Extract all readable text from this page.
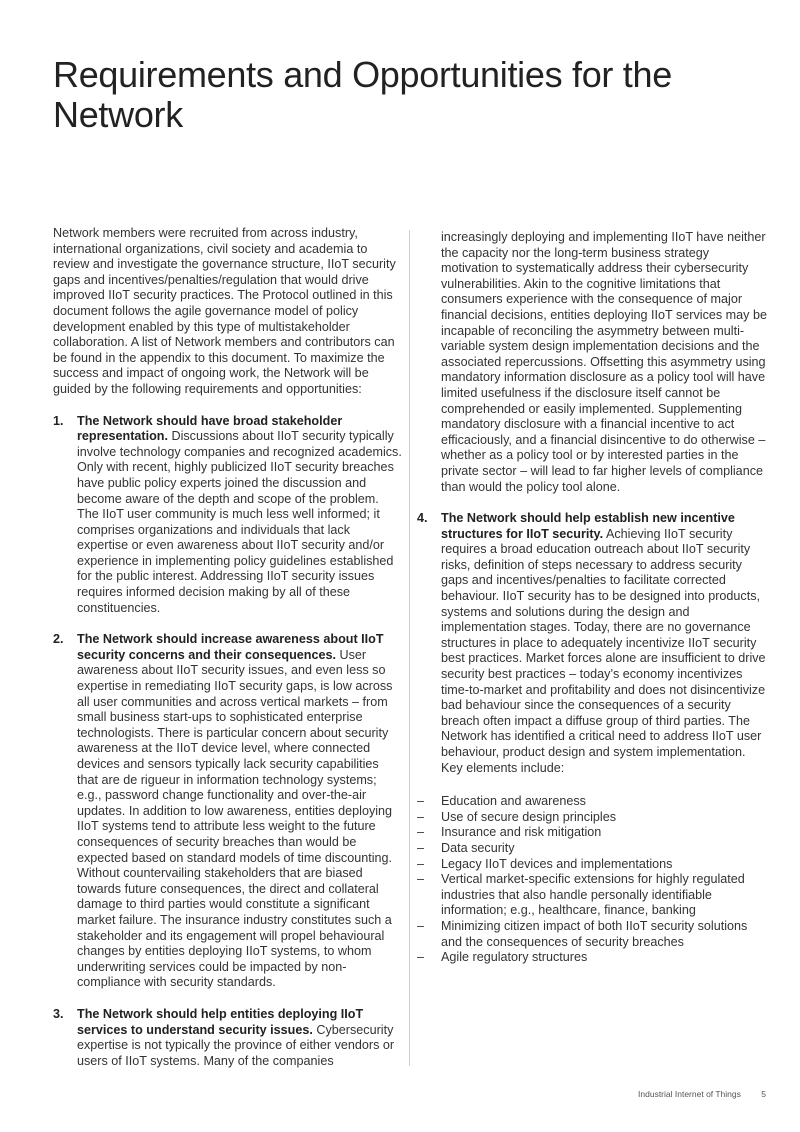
Requirements and Opportunities for the Network

Network members were recruited from across industry, international organizations, civil society and academia to review and investigate the governance structure, IIoT security gaps and incentives/penalties/regulation that would drive improved IIoT security practices. The Protocol outlined in this document follows the agile governance model of policy development enabled by this type of multistakeholder collaboration. A list of Network members and contributors can be found in the appendix to this document. To maximize the success and impact of ongoing work, the Network will be guided by the following requirements and opportunities:

1. The Network should have broad stakeholder representation. Discussions about IIoT security typically involve technology companies and recognized academics. Only with recent, highly publicized IIoT security breaches have public policy experts joined the discussion and become aware of the depth and scope of the problem. The IIoT user community is much less well informed; it comprises organizations and individuals that lack expertise or even awareness about IIoT security and/or experience in implementing policy guidelines established for the public interest. Addressing IIoT security issues requires informed decision making by all of these constituencies.
2. The Network should increase awareness about IIoT security concerns and their consequences. User awareness about IIoT security issues, and even less so expertise in remediating IIoT security gaps, is low across all user communities and across vertical markets – from small business start-ups to sophisticated enterprise technologists. There is particular concern about security awareness at the IIoT device level, where connected devices and sensors typically lack security capabilities that are de rigueur in information technology systems; e.g., password change functionality and over-the-air updates. In addition to low awareness, entities deploying IIoT systems tend to attribute less weight to the future consequences of security breaches than would be expected based on standard models of time discounting. Without countervailing stakeholders that are biased towards future consequences, the direct and collateral damage to third parties would constitute a significant market failure. The insurance industry constitutes such a stakeholder and its engagement will propel behavioural changes by entities deploying IIoT systems, to whom underwriting services could be impacted by non-compliance with security standards.
3. The Network should help entities deploying IIoT services to understand security issues. Cybersecurity expertise is not typically the province of either vendors or users of IIoT systems. Many of the companies

increasingly deploying and implementing IIoT have neither the capacity nor the long-term business strategy motivation to systematically address their cybersecurity vulnerabilities. Akin to the cognitive limitations that consumers experience with the consequence of major financial decisions, entities deploying IIoT services may be incapable of reconciling the asymmetry between multi-variable system design implementation decisions and the associated repercussions. Offsetting this asymmetry using mandatory information disclosure as a policy tool will have limited usefulness if the disclosure itself cannot be comprehended or easily implemented. Supplementing mandatory disclosure with a financial incentive to act efficaciously, and a financial disincentive to do otherwise – whether as a policy tool or by interested parties in the private sector – will lead to far higher levels of compliance than would the policy tool alone.

4. The Network should help establish new incentive structures for IIoT security. Achieving IIoT security requires a broad education outreach about IIoT security risks, definition of steps necessary to address security gaps and incentives/penalties to facilitate corrected behaviour. IIoT security has to be designed into products, systems and solutions during the design and implementation stages. Today, there are no governance structures in place to adequately incentivize IIoT security best practices. Market forces alone are insufficient to drive security best practices – today’s economy incentivizes time-to-market and profitability and does not disincentivize bad behaviour since the consequences of a security breach often impact a diffuse group of third parties. The Network has identified a critical need to address IIoT user behaviour, product design and system implementation. Key elements include:
– Education and awareness
– Use of secure design principles
– Insurance and risk mitigation
– Data security
– Legacy IIoT devices and implementations
– Vertical market-specific extensions for highly regulated industries that also handle personally identifiable information; e.g., healthcare, finance, banking
– Minimizing citizen impact of both IIoT security solutions and the consequences of security breaches
– Agile regulatory structures
Industrial Internet of Things 5
